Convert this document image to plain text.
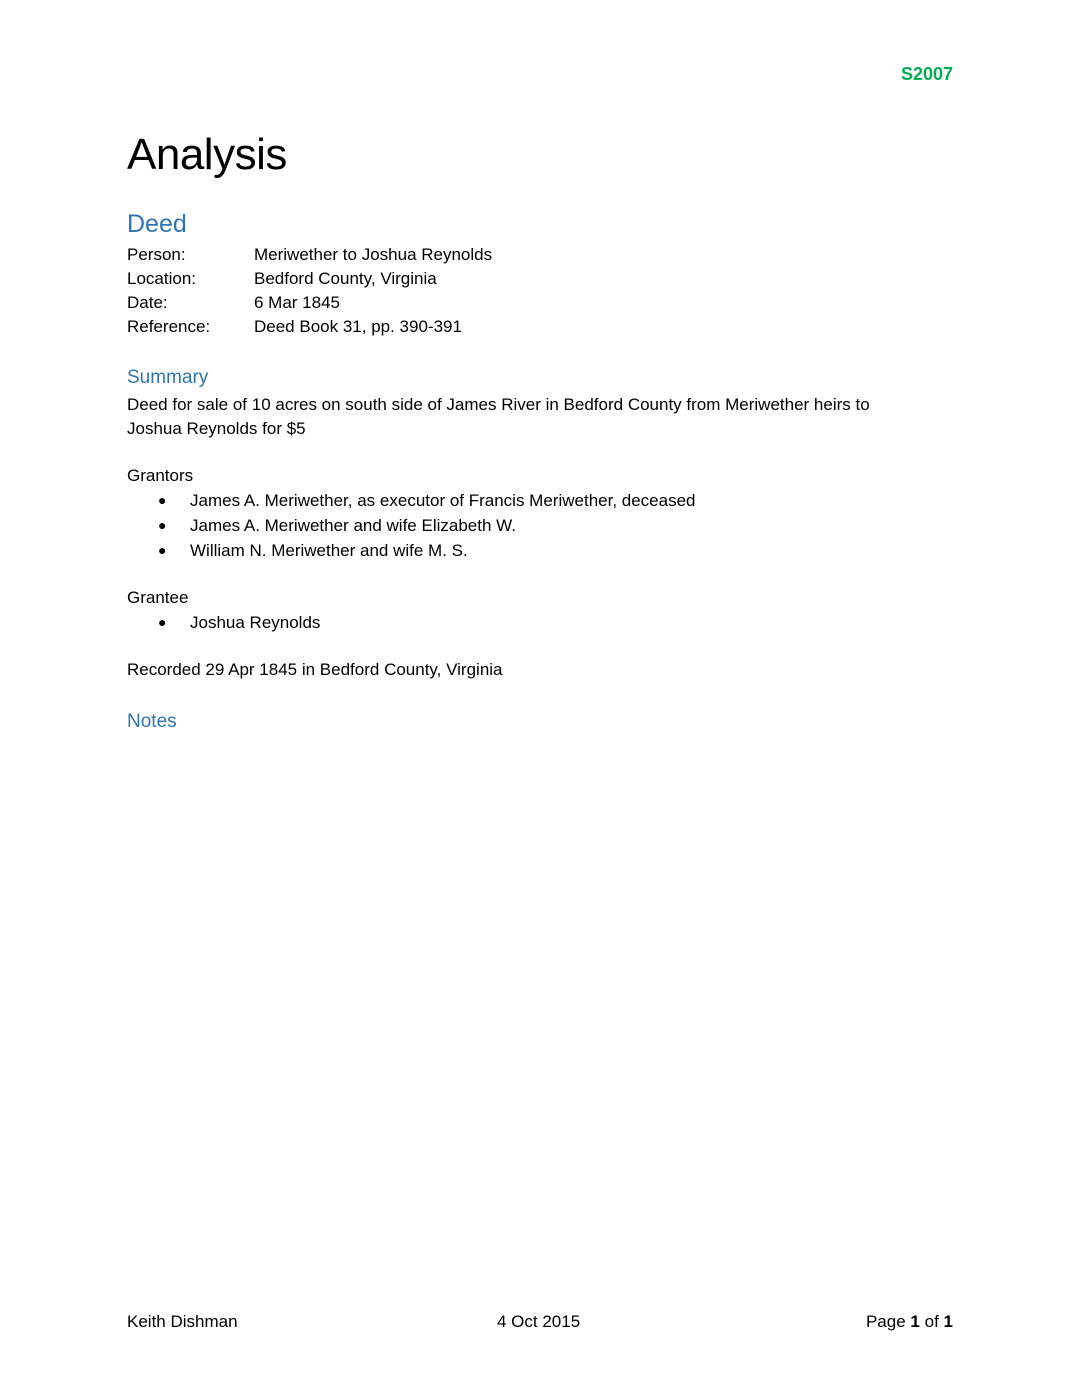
S2007
Analysis
Deed
Person:	Meriwether to Joshua Reynolds
Location:	Bedford County, Virginia
Date:	6 Mar 1845
Reference:	Deed Book 31, pp. 390-391
Summary
Deed for sale of 10 acres on south side of James River in Bedford County from Meriwether heirs to
Joshua Reynolds for $5
Grantors
● James A. Meriwether, as executor of Francis Meriwether, deceased
● James A. Meriwether and wife Elizabeth W.
● William N. Meriwether and wife M. S.
Grantee
● Joshua Reynolds
Recorded 29 Apr 1845 in Bedford County, Virginia
Notes
Keith Dishman	4 Oct 2015	Page 1 of 1
